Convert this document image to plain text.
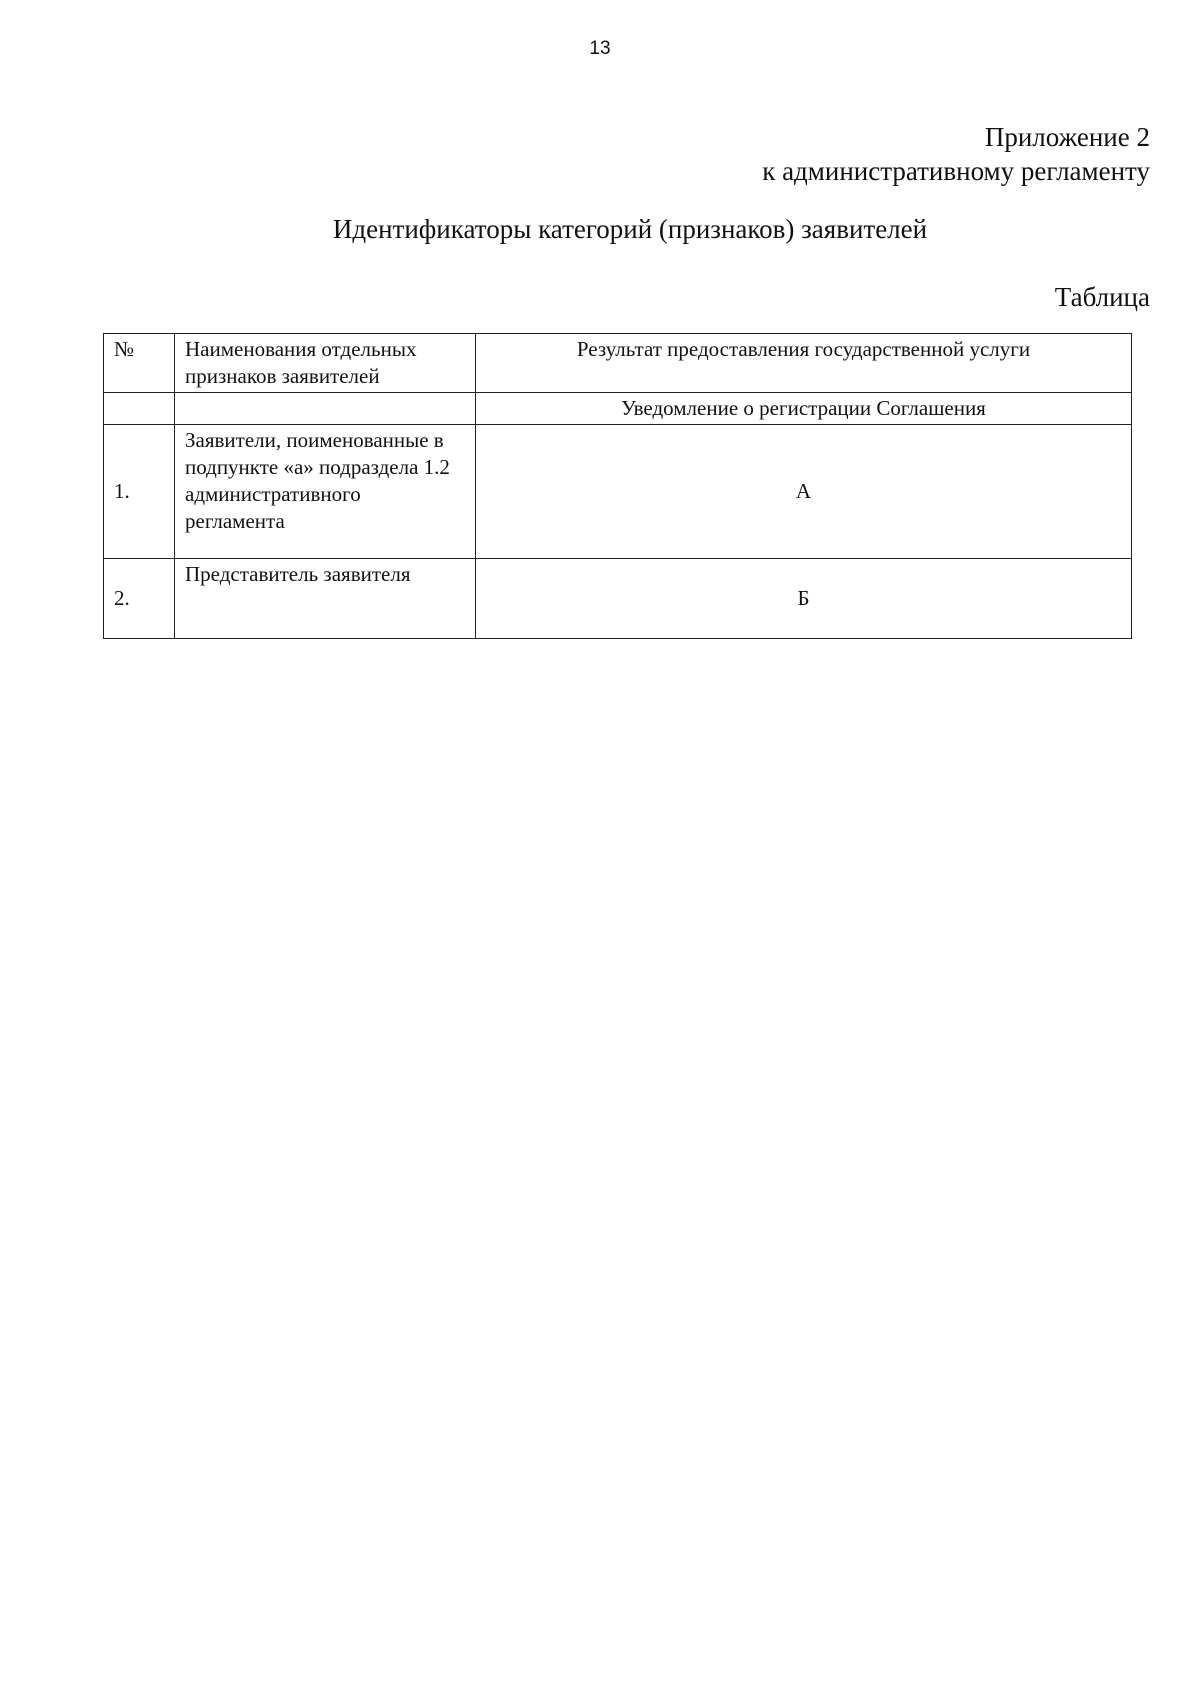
13
Приложение 2
к административному регламенту
Идентификаторы категорий (признаков) заявителей
Таблица
№	Наименования отдельных признаков заявителей	Результат предоставления государственной услуги
		Уведомление о регистрации Соглашения
1.	Заявители, поименованные в подпункте «а» подраздела 1.2 административного регламента	А
2.	Представитель заявителя	Б
